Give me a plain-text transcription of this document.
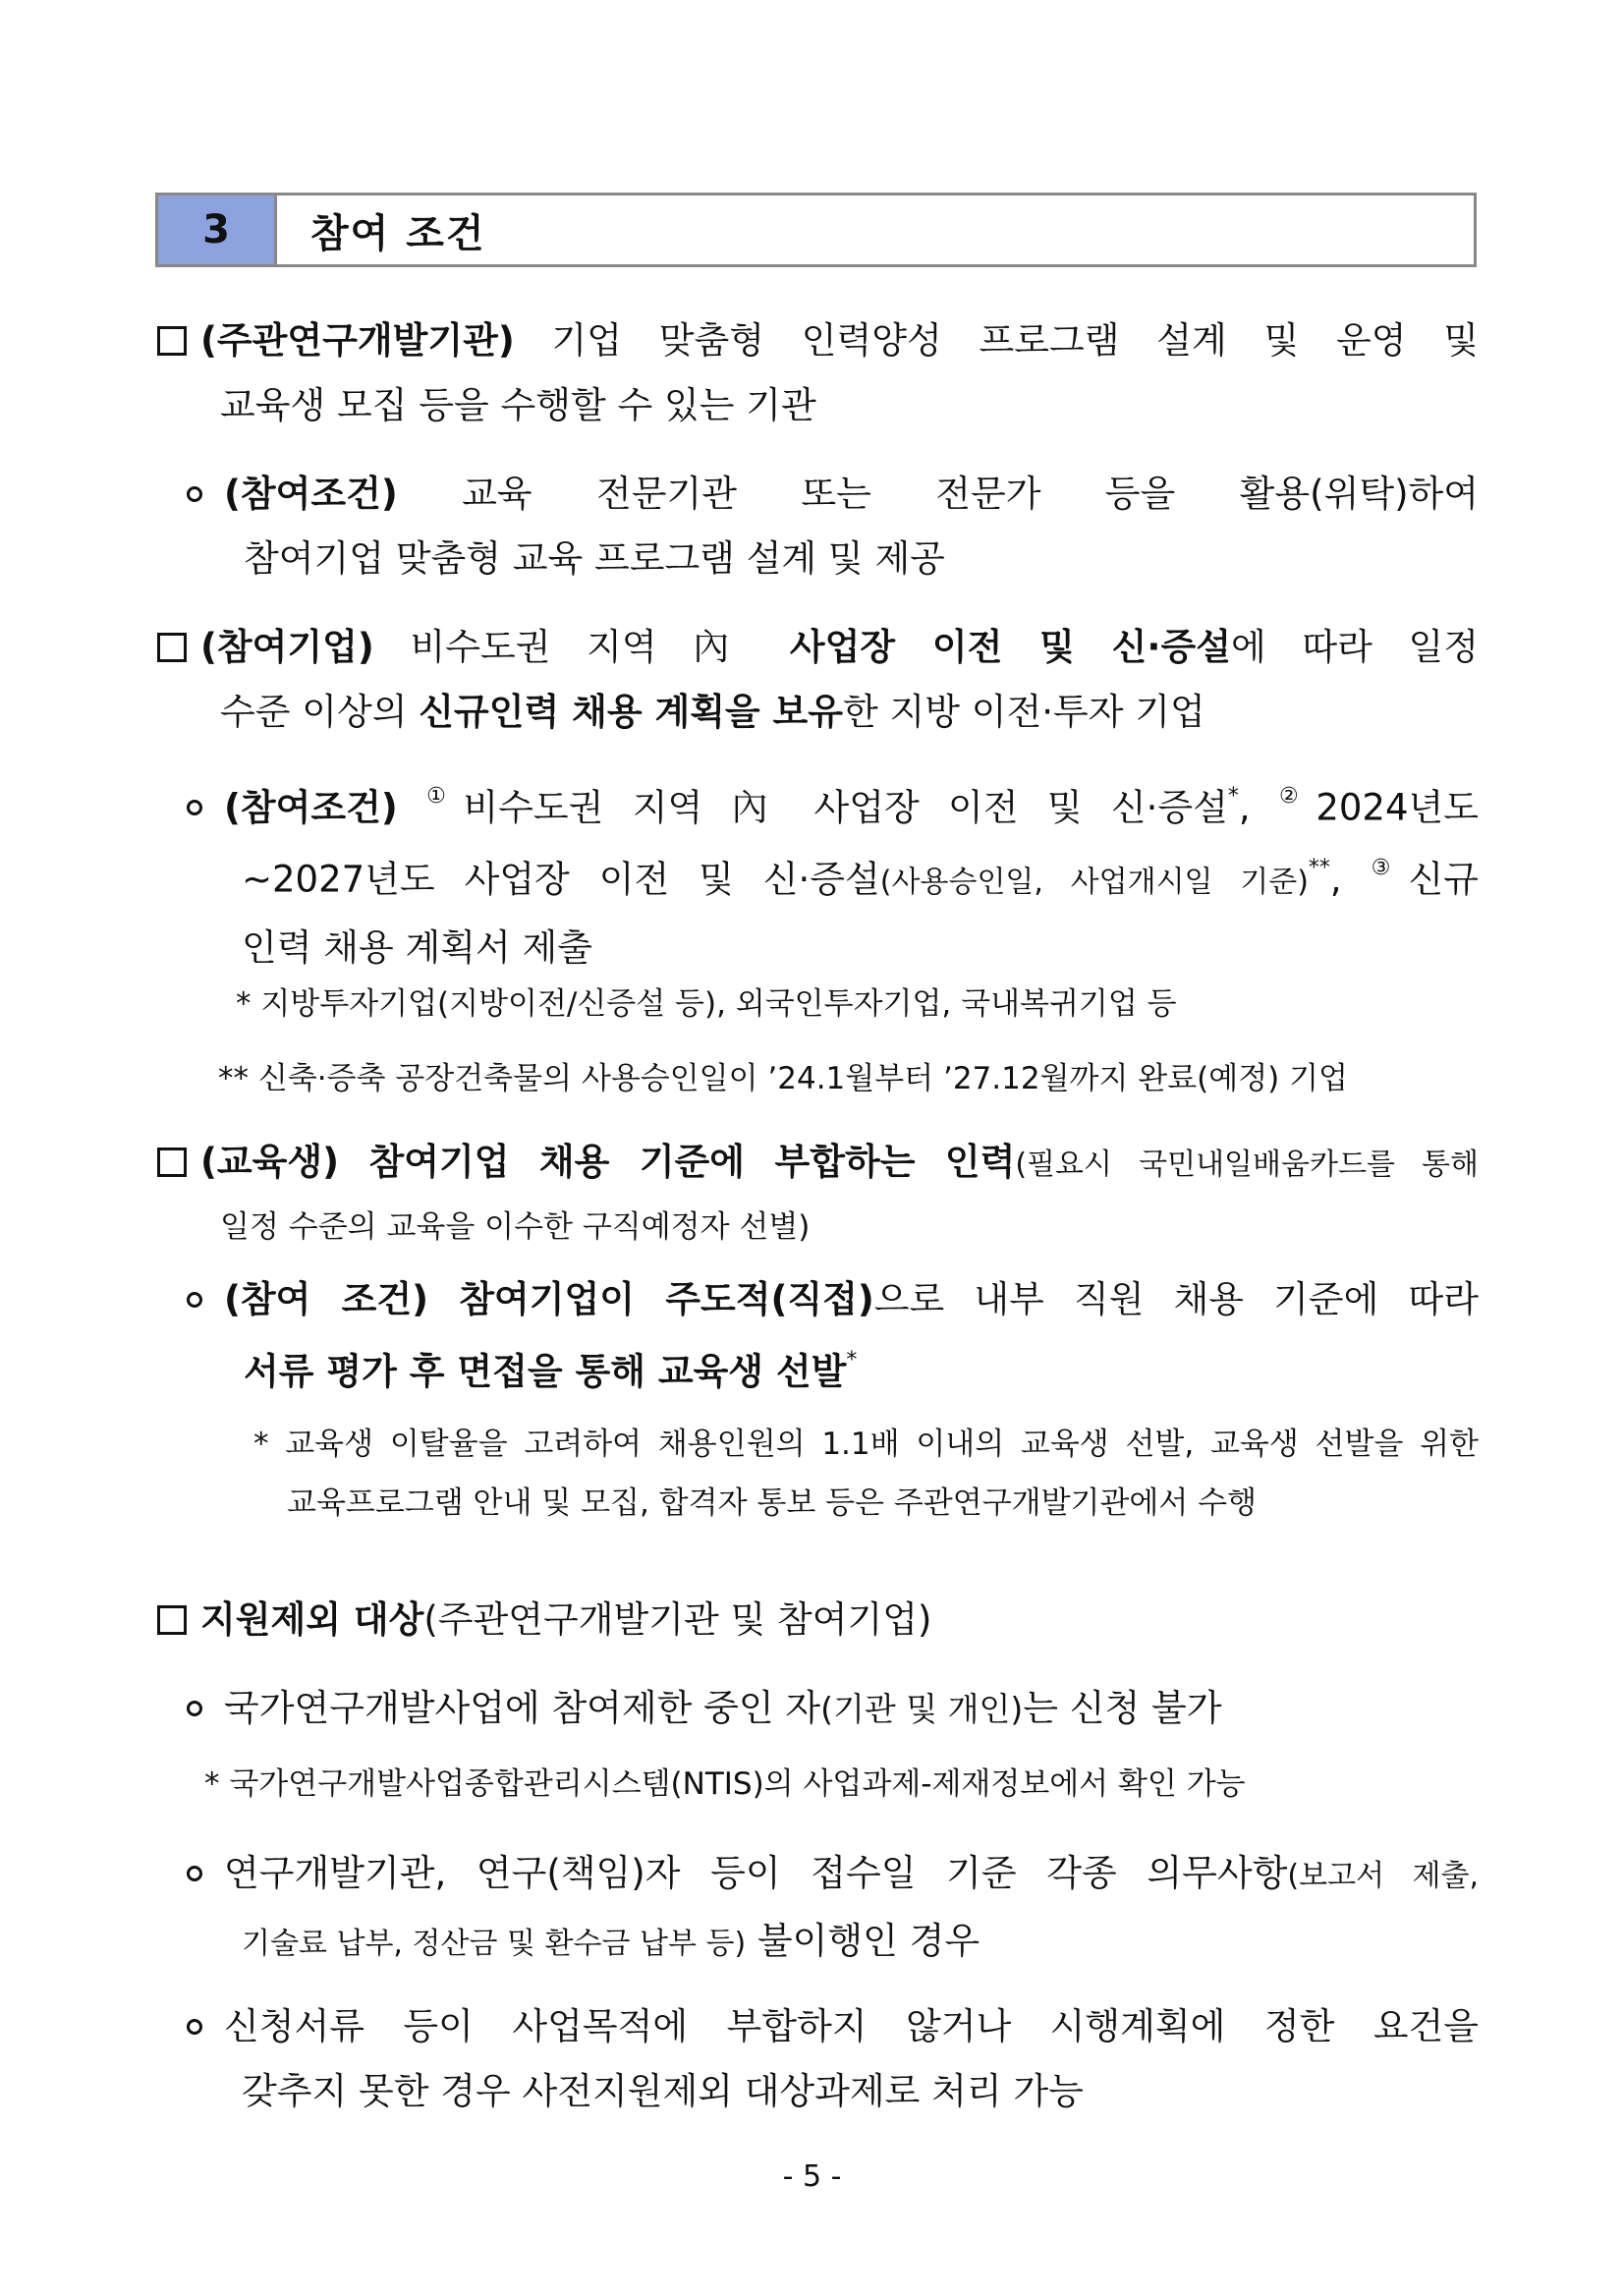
3	참여 조건
(주관연구개발기관) 기업 맞춤형 인력양성 프로그램 설계 및 운영 및
교육생 모집 등을 수행할 수 있는 기관
(참여조건) 교육 전문기관 또는 전문가 등을 활용(위탁)하여
참여기업 맞춤형 교육 프로그램 설계 및 제공
(참여기업) 비수도권 지역 內 사업장 이전 및 신·증설에 따라 일정
수준 이상의 신규인력 채용 계획을 보유한 지방 이전·투자 기업
(참여조건) ①비수도권 지역 內 사업장 이전 및 신·증설*, ②2024년도
~2027년도 사업장 이전 및 신·증설(사용승인일, 사업개시일 기준)**, ③신규
인력 채용 계획서 제출
* 지방투자기업(지방이전/신증설 등), 외국인투자기업, 국내복귀기업 등
** 신축·증축 공장건축물의 사용승인일이 ’24.1월부터 ’27.12월까지 완료(예정) 기업
(교육생) 참여기업 채용 기준에 부합하는 인력(필요시 국민내일배움카드를 통해
일정 수준의 교육을 이수한 구직예정자 선별)
(참여 조건) 참여기업이 주도적(직접)으로 내부 직원 채용 기준에 따라
서류 평가 후 면접을 통해 교육생 선발*
* 교육생 이탈율을 고려하여 채용인원의 1.1배 이내의 교육생 선발, 교육생 선발을 위한
교육프로그램 안내 및 모집, 합격자 통보 등은 주관연구개발기관에서 수행
지원제외 대상(주관연구개발기관 및 참여기업)
국가연구개발사업에 참여제한 중인 자(기관 및 개인)는 신청 불가
* 국가연구개발사업종합관리시스템(NTIS)의 사업과제-제재정보에서 확인 가능
연구개발기관, 연구(책임)자 등이 접수일 기준 각종 의무사항(보고서 제출,
기술료 납부, 정산금 및 환수금 납부 등) 불이행인 경우
신청서류 등이 사업목적에 부합하지 않거나 시행계획에 정한 요건을
갖추지 못한 경우 사전지원제외 대상과제로 처리 가능
- 5 -
